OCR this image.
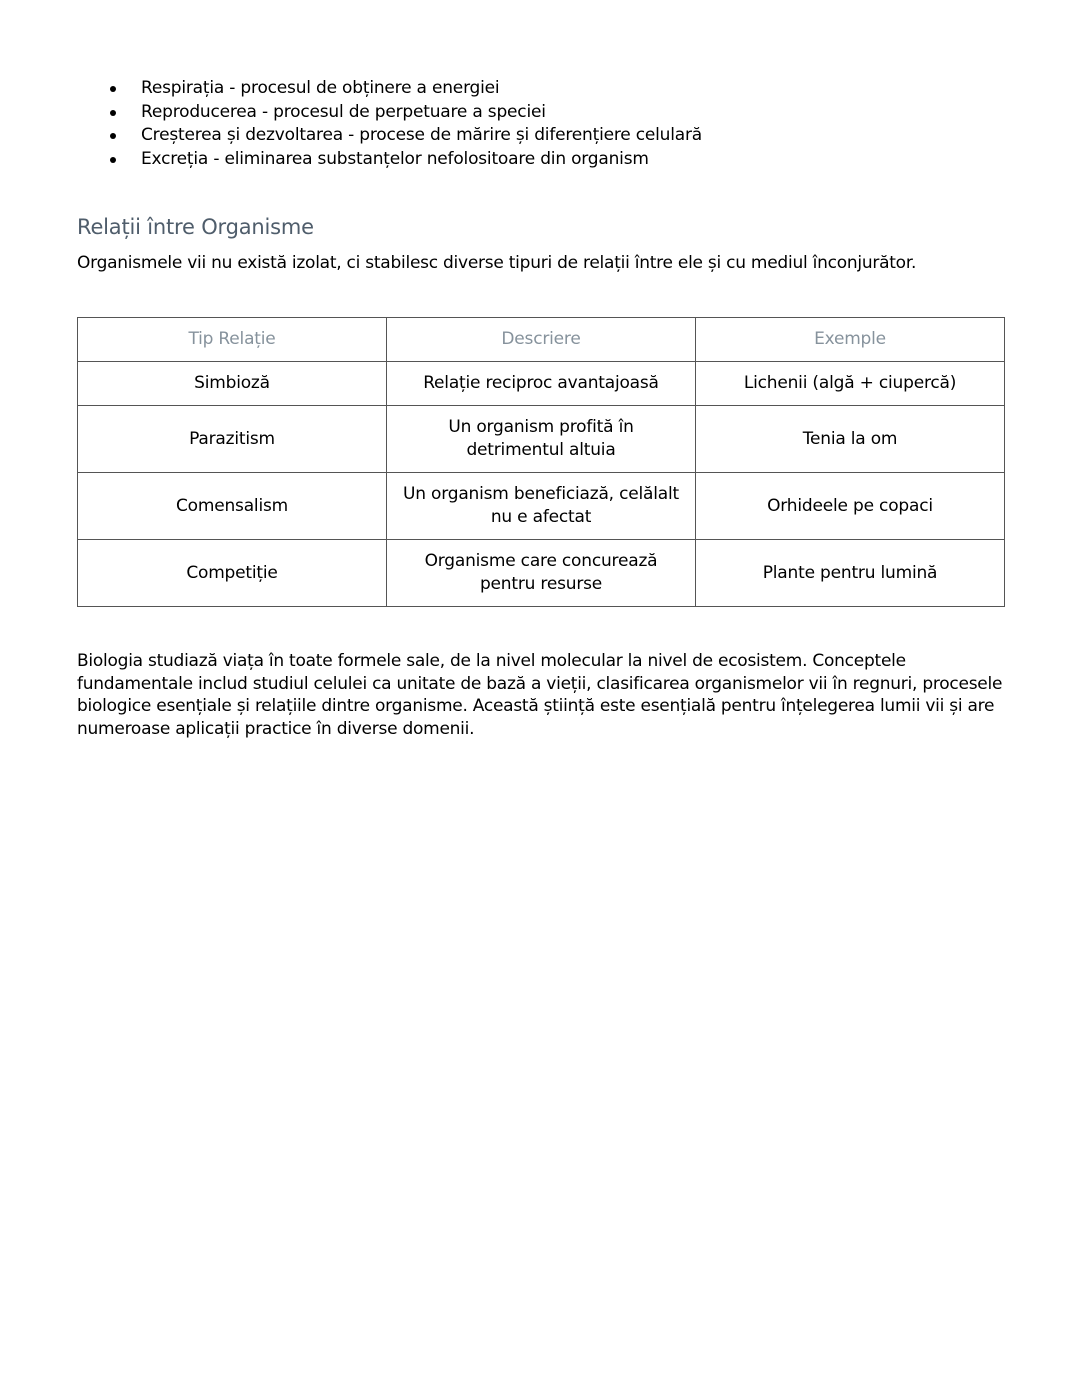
Respirația - procesul de obținere a energiei
Reproducerea - procesul de perpetuare a speciei
Creșterea și dezvoltarea - procese de mărire și diferențiere celulară
Excreția - eliminarea substanțelor nefolositoare din organism
Relații între Organisme

Organismele vii nu există izolat, ci stabilesc diverse tipuri de relații între ele și cu mediul înconjurător.

Tip Relație	Descriere	Exemple
Simbioză	Relație reciproc avantajoasă	Lichenii (algă + ciupercă)
Parazitism	Un organism profită în detrimentul altuia	Tenia la om
Comensalism	Un organism beneficiază, celălalt nu e afectat	Orhideele pe copaci
Competiție	Organisme care concurează pentru resurse	Plante pentru lumină

Biologia studiază viața în toate formele sale, de la nivel molecular la nivel de ecosistem. Conceptele fundamentale includ studiul celulei ca unitate de bază a vieții, clasificarea organismelor vii în regnuri, procesele biologice esențiale și relațiile dintre organisme. Această știință este esențială pentru înțelegerea lumii vii și are numeroase aplicații practice în diverse domenii.
